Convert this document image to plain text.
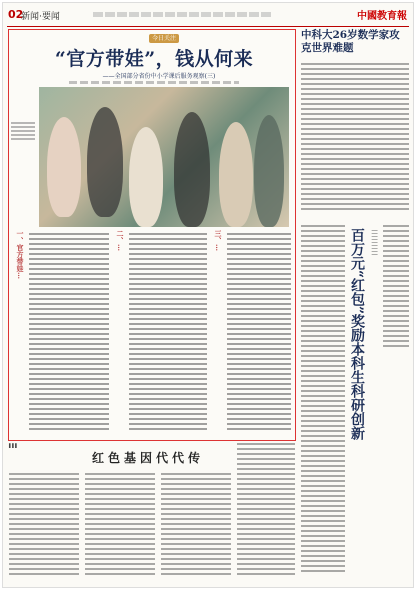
02
新闻·要闻	中國教育報
今日关注
“官方带娃”，钱从何来
——全国部分省份中小学课后服务观察(三)
一、官方带娃…	二、…	三、…
中科大26岁数学家攻克世界难题
百万元“红包”奖励本科生科研创新 │││││││││
▌▌▌
红色基因代代传
